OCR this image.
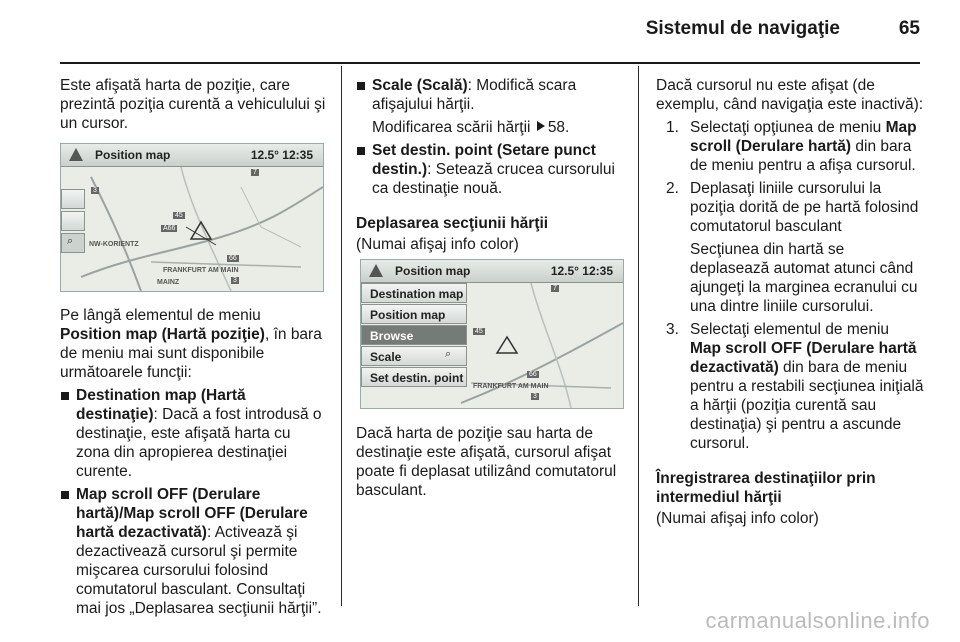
Sistemul de navigaţie	65

Este afişată harta de poziţie, care prezintă poziţia curentă a vehiculului şi un cursor.

Position map	12.5° 12:35
⌕
7
3
45
A66
66
3
FRANKFURT AM MAIN
NW-KORIENTZ
MAINZ

Pe lângă elementul de meniu Position map (Hartă poziţie), în bara de meniu mai sunt disponibile următoarele funcţii:

Destination map (Hartă destinaţie): Dacă a fost introdusă o destinaţie, este afişată harta cu zona din apropierea destinaţiei curente.
Map scroll OFF (Derulare hartă)/Map scroll OFF (Derulare hartă dezactivată): Activează şi dezactivează cursorul şi permite mişcarea cursorului folosind comutatorul basculant. Consultaţi mai jos „Deplasarea secţiunii hărţii”.
Scale (Scală): Modifică scara afişajului hărţii.

Modificarea scării hărţii 58.

Set destin. point (Setare punct destin.): Setează crucea cursorului ca destinaţie nouă.

Deplasarea secţiunii hărţii

(Numai afişaj info color)

Position map	12.5° 12:35
7
45
66
3
FRANKFURT AM MAIN
Destination map
Position map
Browse
Scale	⌕
Set destin. point

Dacă harta de poziţie sau harta de destinaţie este afişată, cursorul afişat poate fi deplasat utilizând comutatorul basculant.

Dacă cursorul nu este afişat (de exemplu, când navigaţia este inactivă):

1. Selectaţi opţiunea de meniu Map scroll (Derulare hartă) din bara de meniu pentru a afişa cursorul.
2. Deplasaţi liniile cursorului la poziţia dorită de pe hartă folosind comutatorul basculant

Secţiunea din hartă se deplasează automat atunci când ajungeţi la marginea ecranului cu una dintre liniile cursorului.

3. Selectaţi elementul de meniu Map scroll OFF (Derulare hartă dezactivată) din bara de meniu pentru a restabili secţiunea iniţială a hărţii (poziţia curentă sau destinaţia) şi pentru a ascunde cursorul.

Înregistrarea destinaţiilor prin intermediul hărţii

(Numai afişaj info color)

carmanualsonline.info
